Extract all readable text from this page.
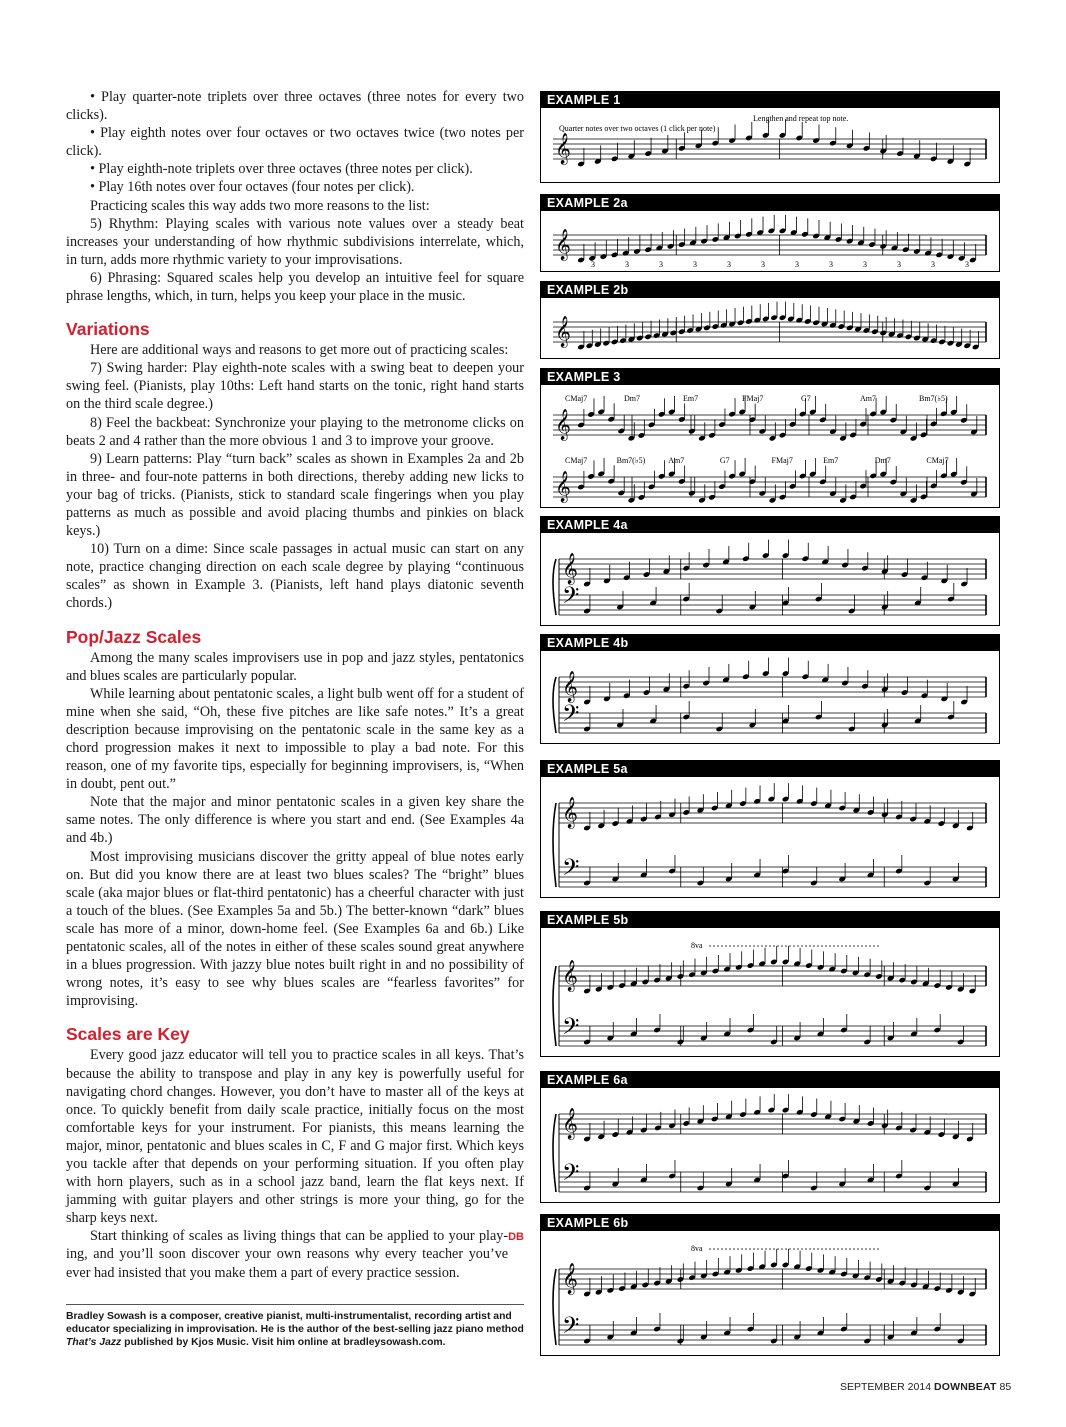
• Play quarter-note triplets over three octaves (three notes for every two clicks).

• Play eighth notes over four octaves or two octaves twice (two notes per click).

• Play eighth-note triplets over three octaves (three notes per click).

• Play 16th notes over four octaves (four notes per click).

Practicing scales this way adds two more reasons to the list:

5) Rhythm: Playing scales with various note values over a steady beat increases your understanding of how rhythmic subdivisions interrelate, which, in turn, adds more rhythmic variety to your improvisations.

6) Phrasing: Squared scales help you develop an intuitive feel for square phrase lengths, which, in turn, helps you keep your place in the music.

Variations

Here are additional ways and reasons to get more out of practicing scales:

7) Swing harder: Play eighth-note scales with a swing beat to deepen your swing feel. (Pianists, play 10ths: Left hand starts on the tonic, right hand starts on the third scale degree.)

8) Feel the backbeat: Synchronize your playing to the metronome clicks on beats 2 and 4 rather than the more obvious 1 and 3 to improve your groove.

9) Learn patterns: Play “turn back” scales as shown in Examples 2a and 2b in three- and four-note patterns in both directions, thereby adding new licks to your bag of tricks. (Pianists, stick to standard scale fingerings when you play patterns as much as possible and avoid placing thumbs and pinkies on black keys.)

10) Turn on a dime: Since scale passages in actual music can start on any note, practice changing direction on each scale degree by playing “continuous scales” as shown in Example 3. (Pianists, left hand plays diatonic seventh chords.)

Pop/Jazz Scales

Among the many scales improvisers use in pop and jazz styles, pentatonics and blues scales are particularly popular.

While learning about pentatonic scales, a light bulb went off for a student of mine when she said, “Oh, these five pitches are like safe notes.” It’s a great description because improvising on the pentatonic scale in the same key as a chord progression makes it next to impossible to play a bad note. For this reason, one of my favorite tips, especially for beginning improvisers, is, “When in doubt, pent out.”

Note that the major and minor pentatonic scales in a given key share the same notes. The only difference is where you start and end. (See Examples 4a and 4b.)

Most improvising musicians discover the gritty appeal of blue notes early on. But did you know there are at least two blues scales? The “bright” blues scale (aka major blues or flat-third pentatonic) has a cheerful character with just a touch of the blues. (See Examples 5a and 5b.) The better-known “dark” blues scale has more of a minor, down-home feel. (See Examples 6a and 6b.) Like pentatonic scales, all of the notes in either of these scales sound great anywhere in a blues progression. With jazzy blue notes built right in and no possibility of wrong notes, it’s easy to see why blues scales are “fearless favorites” for improvising.

Scales are Key

Every good jazz educator will tell you to practice scales in all keys. That’s because the ability to transpose and play in any key is powerfully useful for navigating chord changes. However, you don’t have to master all of the keys at once. To quickly benefit from daily scale practice, initially focus on the most comfortable keys for your instrument. For pianists, this means learning the major, minor, pentatonic and blues scales in C, F and G major first. Which keys you tackle after that depends on your performing situation. If you often play with horn players, such as in a school jazz band, learn the flat keys next. If jamming with guitar players and other strings is more your thing, go for the sharp keys next.

DB
Start thinking of scales as living things that can be applied to your playing, and you’ll soon discover your own reasons why every teacher you’ve ever had insisted that you make them a part of every practice session.

Bradley Sowash is a composer, creative pianist, multi-instrumentalist, recording artist and educator specializing in improvisation. He is the author of the best-selling jazz piano method That’s Jazz published by Kjos Music. Visit him online at bradleysowash.com.
SEPTEMBER 2014 DOWNBEAT 85
EXAMPLE 1
Quarter notes over two octaves (1 click per note)
Lengthen and repeat top note.
𝄞
EXAMPLE 2a
𝄞
3	3	3	3	3	3	3	3	3	3	3	3
EXAMPLE 2b
𝄞
EXAMPLE 3
𝄞
CMaj7	Dm7	Em7	FMaj7	G7	Am7	Bm7(♭5)
𝄞
CMaj7	Bm7(♭5)	Am7	G7	FMaj7	Em7	Dm7	CMaj7
EXAMPLE 4a
𝄞
𝄢
EXAMPLE 4b
𝄞
𝄢
EXAMPLE 5a
𝄞
𝄢
EXAMPLE 5b
8va
𝄞
𝄢
EXAMPLE 6a
𝄞
𝄢
EXAMPLE 6b
8va
𝄞
𝄢
